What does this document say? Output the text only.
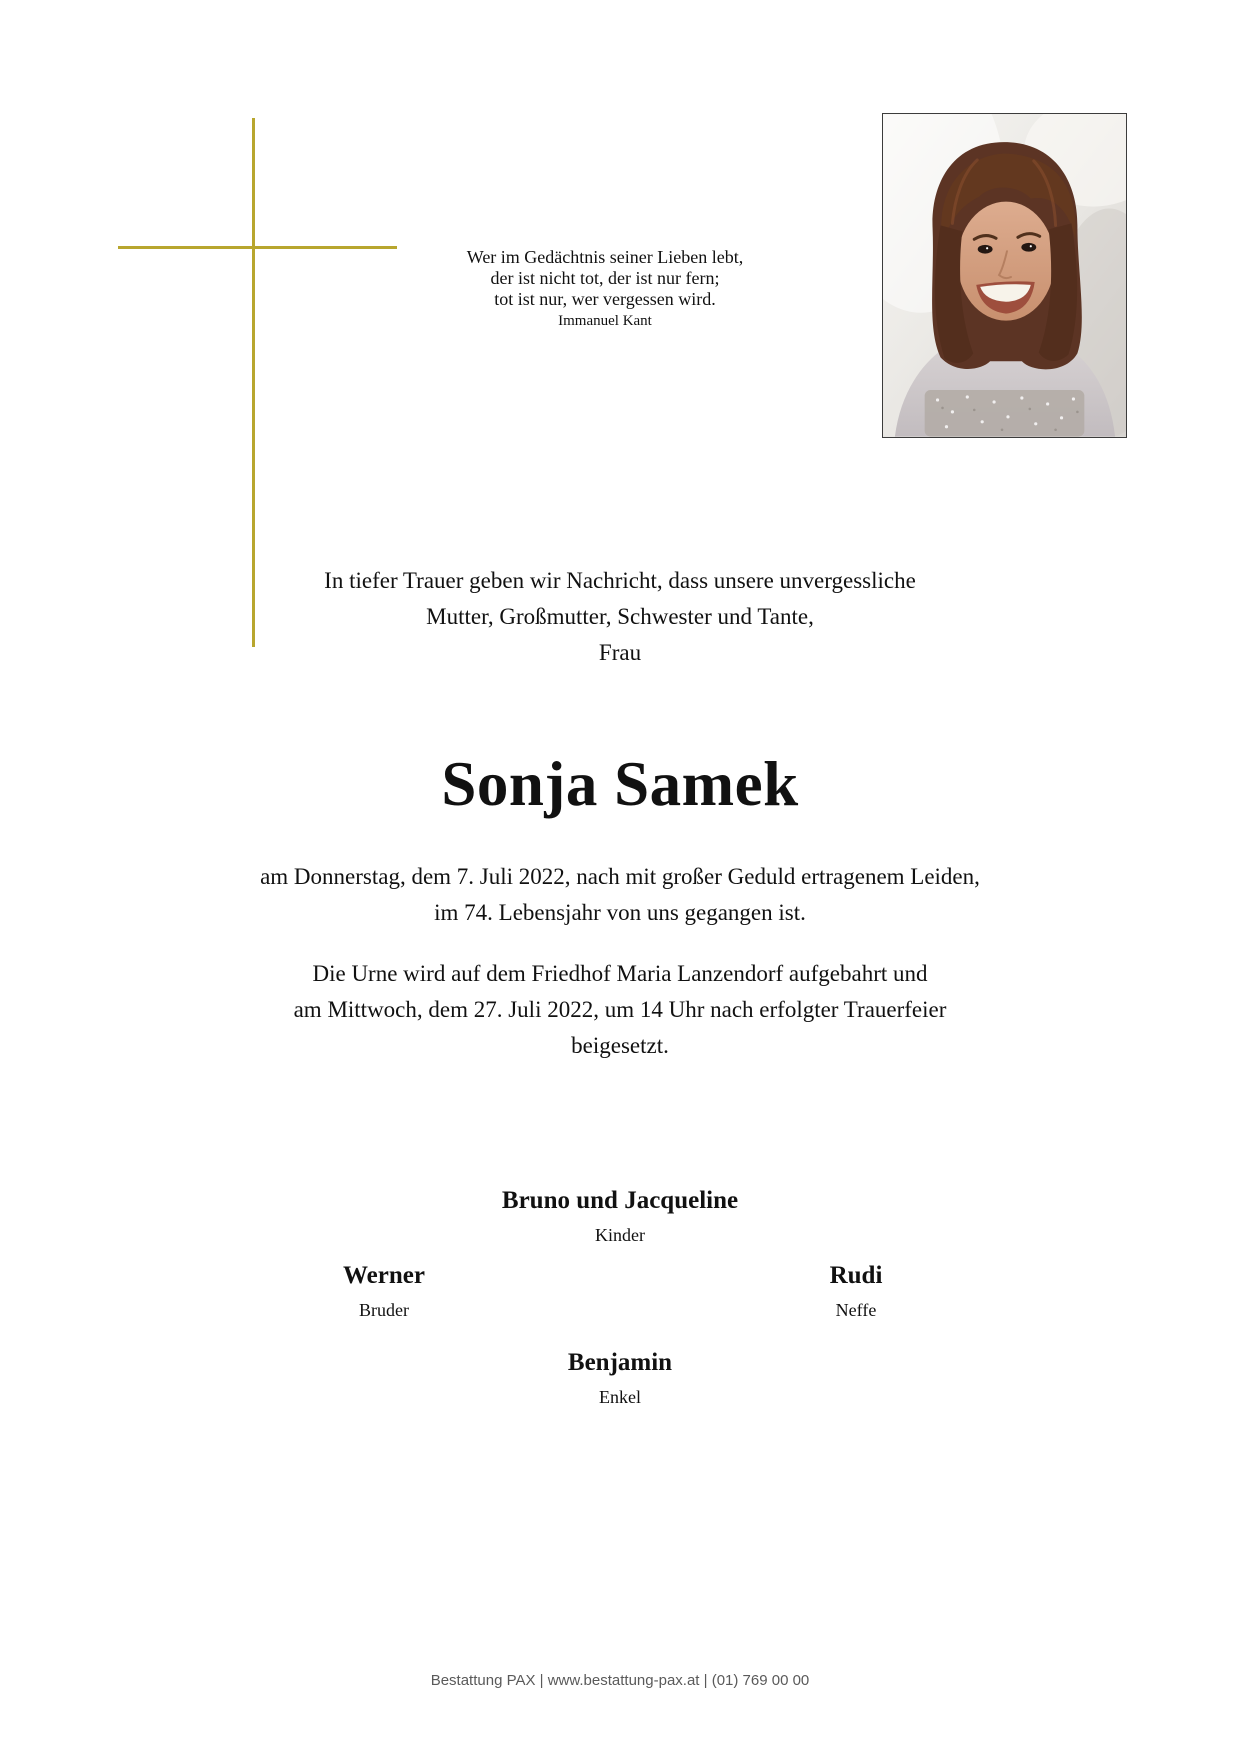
Wer im Gedächtnis seiner Lieben lebt,
der ist nicht tot, der ist nur fern;
tot ist nur, wer vergessen wird.
Immanuel Kant
In tiefer Trauer geben wir Nachricht, dass unsere unvergessliche
Mutter, Großmutter, Schwester und Tante,
Frau
Sonja Samek
am Donnerstag, dem 7. Juli 2022, nach mit großer Geduld ertragenem Leiden,
im 74. Lebensjahr von uns gegangen ist.
Die Urne wird auf dem Friedhof Maria Lanzendorf aufgebahrt und
am Mittwoch, dem 27. Juli 2022, um 14 Uhr nach erfolgter Trauerfeier
beigesetzt.
Bruno und Jacqueline
Kinder
Werner
Bruder
Rudi
Neffe
Benjamin
Enkel
Bestattung PAX | www.bestattung-pax.at | (01) 769 00 00
